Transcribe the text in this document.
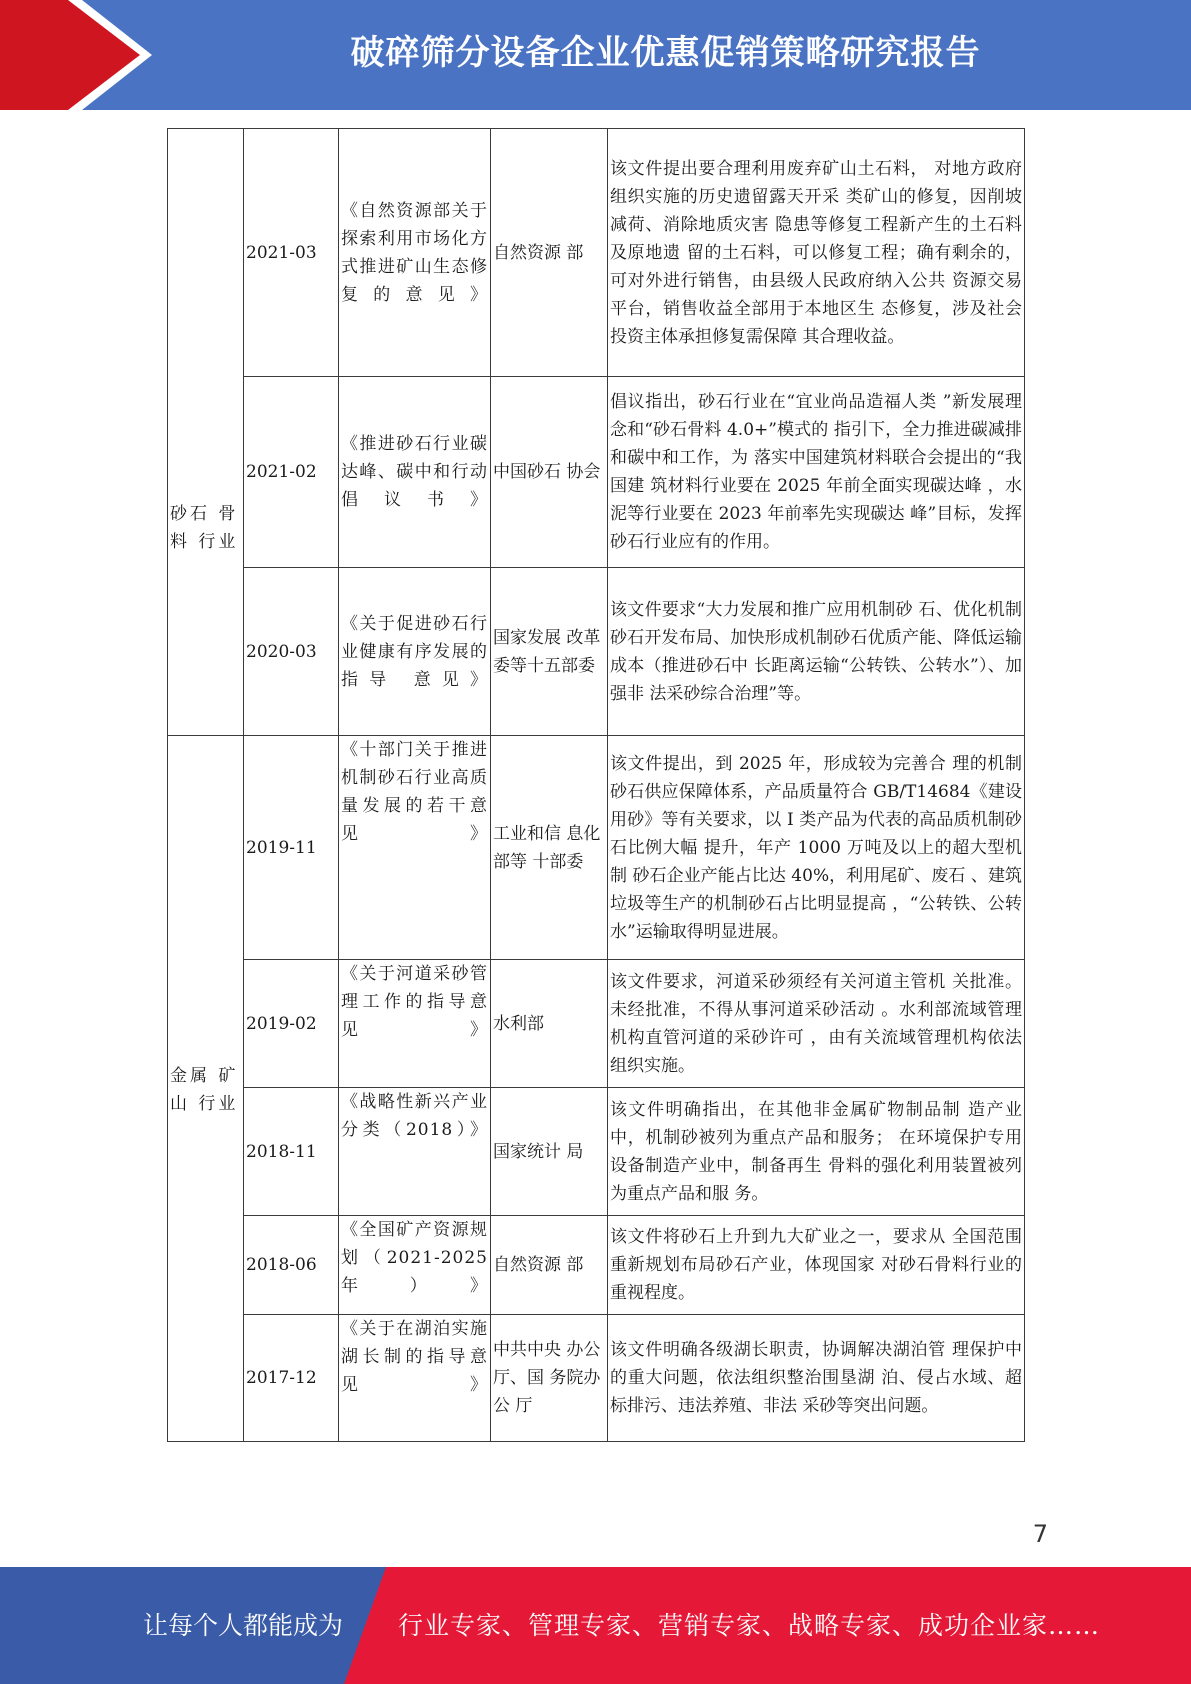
破碎筛分设备企业优惠促销策略研究报告
砂石 骨料 行业	2021-03	《自然资源部关于探索利用市场化方式推进矿山生态修复的意见》	自然资源 部	该文件提出要合理利用废弃矿山土石料， 对地方政府组织实施的历史遗留露天开采 类矿山的修复，因削坡减荷、消除地质灾害 隐患等修复工程新产生的土石料及原地遗 留的土石料，可以修复工程；确有剩余的， 可对外进行销售，由县级人民政府纳入公共 资源交易平台，销售收益全部用于本地区生 态修复，涉及社会投资主体承担修复需保障 其合理收益。
	2021-02	《推进砂石行业碳达峰、碳中和行动倡议书》	中国砂石 协会	倡议指出，砂石行业在“宜业尚品造福人类 ”新发展理念和“砂石骨料 4.0+”模式的 指引下，全力推进碳减排和碳中和工作，为 落实中国建筑材料联合会提出的“我国建 筑材料行业要在 2025 年前全面实现碳达峰 ，水泥等行业要在 2023 年前率先实现碳达 峰”目标，发挥砂石行业应有的作用。
	2020-03	《关于促进砂石行业健康有序发展的指导 意见》	国家发展 改革委等十五部委	该文件要求“大力发展和推广应用机制砂 石、优化机制砂石开发布局、加快形成机制砂石优质产能、降低运输成本（推进砂石中 长距离运输“公转铁、公转水”）、加强非 法采砂综合治理”等。

金属 矿山 行业	2019-11	《十部门关于推进机制砂石行业高质量发展的若干意见》	工业和信 息化部等 十部委	该文件提出，到 2025 年，形成较为完善合 理的机制砂石供应保障体系，产品质量符合 GB/T14684《建设用砂》等有关要求，以 I 类产品为代表的高品质机制砂石比例大幅 提升，年产 1000 万吨及以上的超大型机制 砂石企业产能占比达 40%，利用尾矿、废石 、建筑垃圾等生产的机制砂石占比明显提高 ，“公转铁、公转水”运输取得明显进展。
	2019-02	《关于河道采砂管理工作的指导意见》	水利部	该文件要求，河道采砂须经有关河道主管机 关批准。未经批准，不得从事河道采砂活动 。水利部流域管理机构直管河道的采砂许可 ，由有关流域管理机构依法组织实施。
	2018-11	《战略性新兴产业分类（2018）》	国家统计 局	该文件明确指出，在其他非金属矿物制品制 造产业中，机制砂被列为重点产品和服务； 在环境保护专用设备制造产业中，制备再生 骨料的强化利用装置被列为重点产品和服 务。
	2018-06	《全国矿产资源规划（2021-2025 年）》	自然资源 部	该文件将砂石上升到九大矿业之一，要求从 全国范围重新规划布局砂石产业，体现国家 对砂石骨料行业的重视程度。
	2017-12	《关于在湖泊实施湖长制的指导意见》	中共中央 办公厅、国 务院办公 厅	该文件明确各级湖长职责，协调解决湖泊管 理保护中的重大问题，依法组织整治围垦湖 泊、侵占水域、超标排污、违法养殖、非法 采砂等突出问题。
7
让每个人都能成为 行业专家、管理专家、营销专家、战略专家、成功企业家……
